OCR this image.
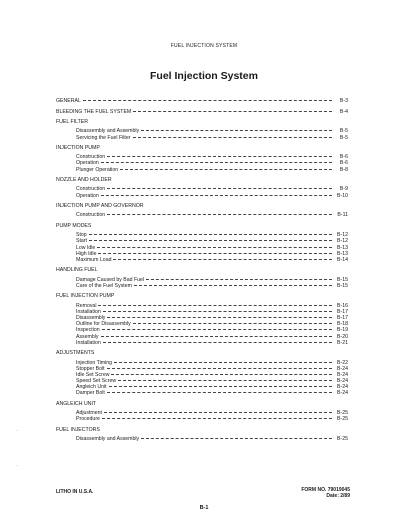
FUEL INJECTION SYSTEM
Fuel Injection System
GENERAL	B-3
BLEEDING THE FUEL SYSTEM	B-4
FUEL FILTER
Disassembly and Assembly	B-5
Servicing the Fuel Filter	B-5
INJECTION PUMP
Construction	B-6
Operation	B-6
Plunger Operation	B-8
NOZZLE AND HOLDER
Construction	B-9
Operation	B-10
INJECTION PUMP AND GOVERNOR
Construction	B-11
PUMP MODES
Stop	B-12
Start	B-12
Low Idle	B-13
High Idle	B-13
Maximum Load	B-14
HANDLING FUEL
Damage Caused by Bad Fuel	B-15
Care of the Fuel System	B-15
FUEL INJECTION PUMP
Removal	B-16
Installation	B-17
Disassembly	B-17
Outline for Disassembly	B-18
Inspection	B-19
Assembly	B-20
Installation	B-21
ADJUSTMENTS
Injection Timing	B-22
Stopper Bolt	B-24
Idle Set Screw	B-24
Speed Set Screw	B-24
Angleich Unit	B-24
Damper Bolt	B-24
ANGLEICH UNIT
Adjustment	B-25
Procedure	B-25
FUEL INJECTORS
Disassembly and Assembly	B-25
LITHO IN U.S.A.	FORM NO. 79019045
Date: 2/89
B-1
